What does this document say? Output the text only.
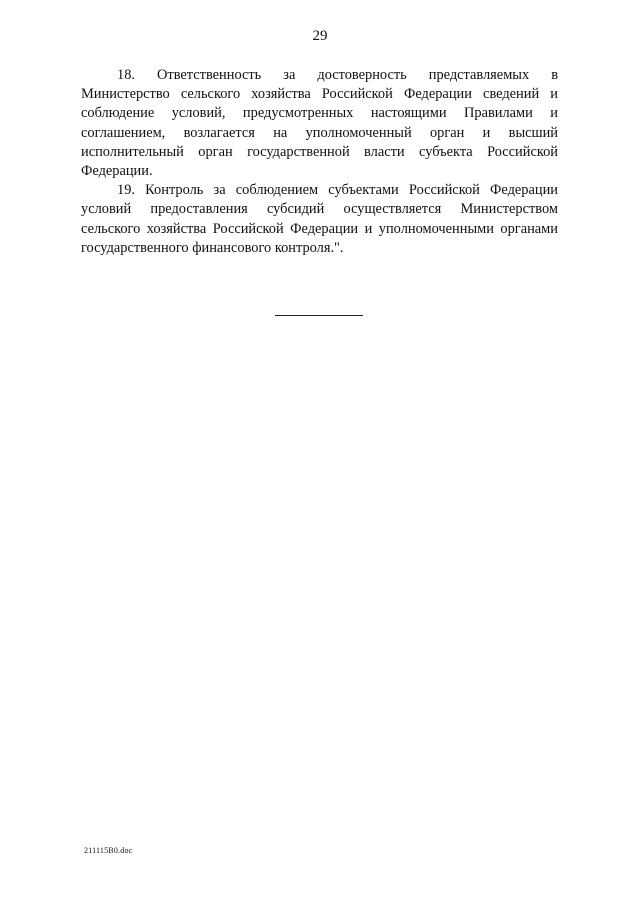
29

18. Ответственность за достоверность представляемых в Министерство сельского хозяйства Российской Федерации сведений и соблюдение условий, предусмотренных настоящими Правилами и соглашением, возлагается на уполномоченный орган и высший исполнительный орган государственной власти субъекта Российской Федерации.

19. Контроль за соблюдением субъектами Российской Федерации условий предоставления субсидий осуществляется Министерством сельского хозяйства Российской Федерации и уполномоченными органами государственного финансового контроля.".

211115В0.doc
